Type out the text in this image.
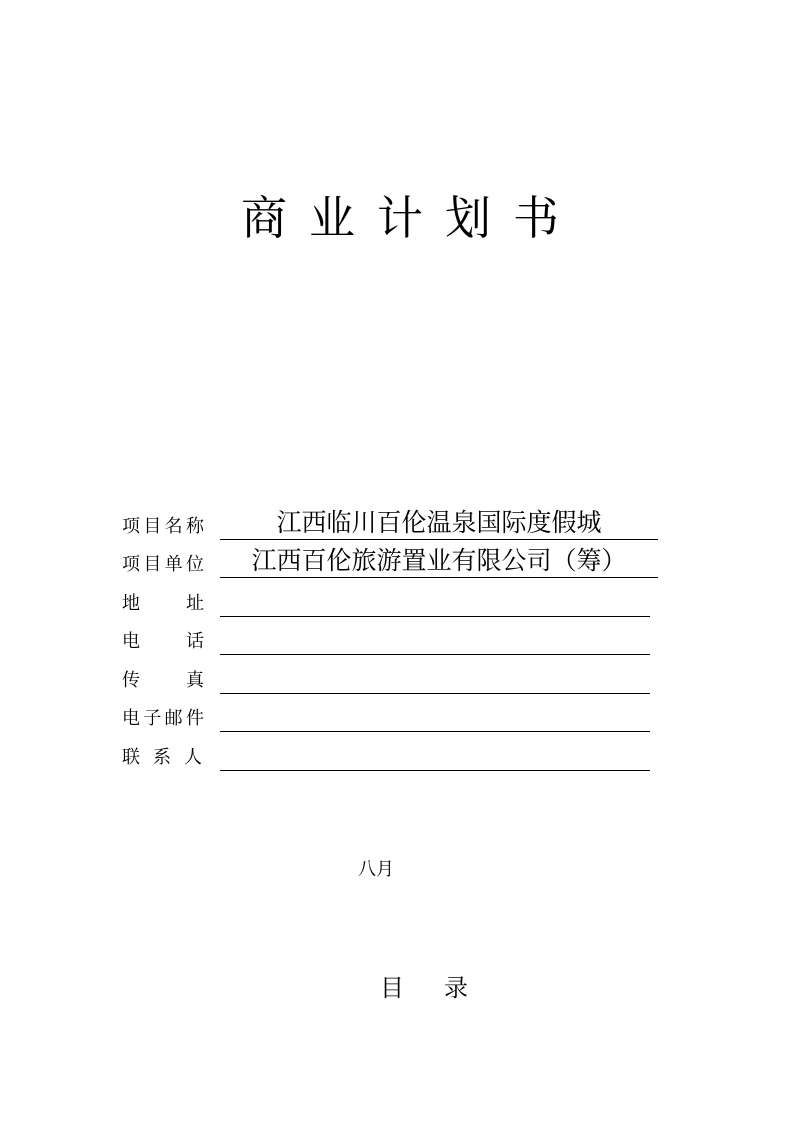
商业计划书
项 目 名 称	江西临川百伦温泉国际度假城
项 目 单 位	江西百伦旅游置业有限公司（筹）
地	址
电	话
传	真
电 子 邮 件
联 系 人
八月
目录
